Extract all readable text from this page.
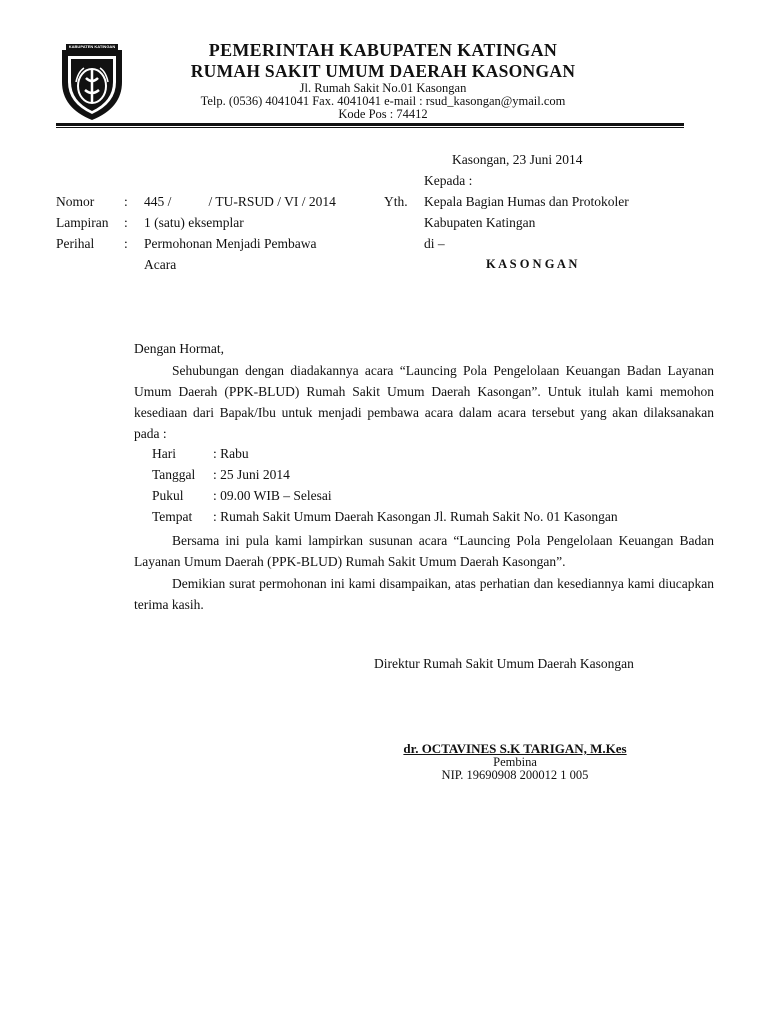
KABUPATEN KATINGAN	PEMERINTAH KABUPATEN KATINGAN
RUMAH SAKIT UMUM DAERAH KASONGAN
Jl. Rumah Sakit No.01 Kasongan
Telp. (0536) 4041041 Fax. 4041041 e-mail : rsud_kasongan@ymail.com
Kode Pos : 74412
Kasongan, 23 Juni 2014
Kepada :
Yth. Kepala Bagian Humas dan Protokoler
Kabupaten Katingan
di –
K A S O N G A N
Nomor : 445 /           / TU-RSUD / VI / 2014
Lampiran : 1 (satu) eksemplar
Perihal : Permohonan Menjadi Pembawa
Acara
Dengan Hormat,
Sehubungan dengan diadakannya acara “Launcing Pola Pengelolaan Keuangan Badan Layanan Umum Daerah (PPK-BLUD) Rumah Sakit Umum Daerah Kasongan”. Untuk itulah kami memohon kesediaan dari Bapak/Ibu untuk menjadi pembawa acara dalam acara tersebut yang akan dilaksanakan pada :
Hari	: Rabu
Tanggal : 25 Juni 2014
Pukul : 09.00 WIB – Selesai
Tempat : Rumah Sakit Umum Daerah Kasongan Jl. Rumah Sakit No. 01 Kasongan
Bersama ini pula kami lampirkan susunan acara “Launcing Pola Pengelolaan Keuangan Badan Layanan Umum Daerah (PPK-BLUD) Rumah Sakit Umum Daerah Kasongan”.
Demikian surat permohonan ini kami disampaikan, atas perhatian dan kesediannya kami diucapkan terima kasih.
Direktur Rumah Sakit Umum Daerah Kasongan
dr. OCTAVINES S.K TARIGAN, M.Kes
Pembina
NIP. 19690908 200012 1 005
